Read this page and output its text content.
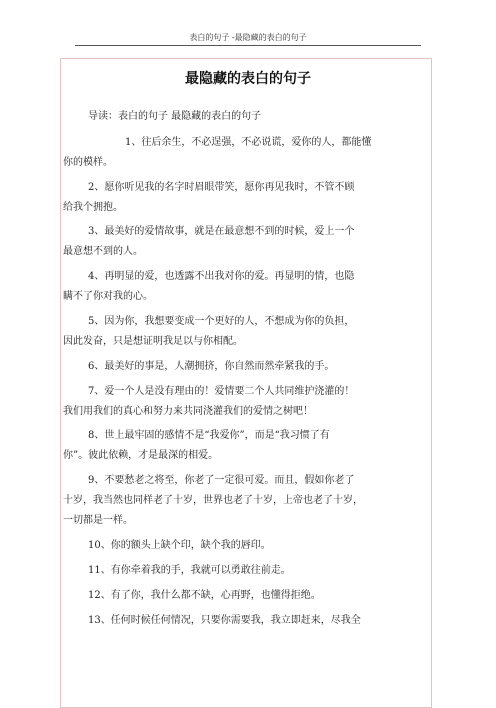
表白的句子 -最隐藏的表白的句子
最隐藏的表白的句子
导读：表白的句子 最隐藏的表白的句子
1、往后余生，不必逞强，不必说谎，爱你的人，都能懂
你的模样。
2、愿你听见我的名字时眉眼带笑，愿你再见我时，不管不顾
给我个拥抱。
3、最美好的爱情故事，就是在最意想不到的时候，爱上一个
最意想不到的人。
4、再明显的爱，也透露不出我对你的爱。再显明的情，也隐
瞒不了你对我的心。
5、因为你，我想要变成一个更好的人，不想成为你的负担，
因此发奋，只是想证明我足以与你相配。
6、最美好的事是，人潮拥挤，你自然而然牵紧我的手。
7、爱一个人是没有理由的！爱情要二个人共同维护浇灌的！
我们用我们的真心和努力来共同浇灌我们的爱情之树吧！
8、世上最牢固的感情不是“我爱你”，而是“我习惯了有
你”。彼此依赖，才是最深的相爱。
9、不要愁老之将至，你老了一定很可爱。而且，假如你老了
十岁，我当然也同样老了十岁，世界也老了十岁，上帝也老了十岁，
一切都是一样。
10、你的额头上缺个印，缺个我的唇印。
11、有你牵着我的手，我就可以勇敢往前走。
12、有了你，我什么都不缺，心再野，也懂得拒绝。
13、任何时候任何情况，只要你需要我，我立即赶来，尽我全
